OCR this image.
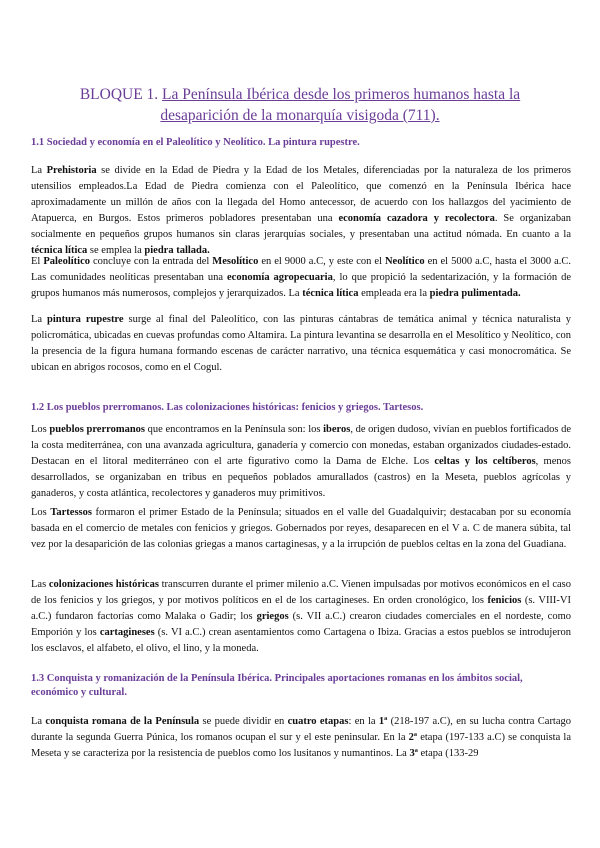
BLOQUE 1. La Península Ibérica desde los primeros humanos hasta la
desaparición de la monarquía visigoda (711).
1.1 Sociedad y economía en el Paleolítico y Neolítico. La pintura rupestre.

La Prehistoria se divide en la Edad de Piedra y la Edad de los Metales, diferenciadas por la naturaleza de los primeros utensilios empleados.La Edad de Piedra comienza con el Paleolítico, que comenzó en la Península Ibérica hace aproximadamente un millón de años con la llegada del Homo antecessor, de acuerdo con los hallazgos del yacimiento de Atapuerca, en Burgos. Estos primeros pobladores presentaban una economía cazadora y recolectora. Se organizaban socialmente en pequeños grupos humanos sin claras jerarquías sociales, y presentaban una actitud nómada. En cuanto a la técnica lítica se emplea la piedra tallada.

El Paleolítico concluye con la entrada del Mesolítico en el 9000 a.C, y este con el Neolítico en el 5000 a.C, hasta el 3000 a.C. Las comunidades neolíticas presentaban una economía agropecuaria, lo que propició la sedentarización, y la formación de grupos humanos más numerosos, complejos y jerarquizados. La técnica lítica empleada era la piedra pulimentada.

La pintura rupestre surge al final del Paleolítico, con las pinturas cántabras de temática animal y técnica naturalista y policromática, ubicadas en cuevas profundas como Altamira. La pintura levantina se desarrolla en el Mesolítico y Neolítico, con la presencia de la figura humana formando escenas de carácter narrativo, una técnica esquemática y casi monocromática. Se ubican en abrigos rocosos, como en el Cogul.

1.2 Los pueblos prerromanos. Las colonizaciones históricas: fenicios y griegos. Tartesos.

Los pueblos prerromanos que encontramos en la Península son: los iberos, de origen dudoso, vivían en pueblos fortificados de la costa mediterránea, con una avanzada agricultura, ganadería y comercio con monedas, estaban organizados ciudades-estado. Destacan en el litoral mediterráneo con el arte figurativo como la Dama de Elche. Los celtas y los celtíberos, menos desarrollados, se organizaban en tribus en pequeños poblados amurallados (castros) en la Meseta, pueblos agrícolas y ganaderos, y costa atlántica, recolectores y ganaderos muy primitivos.

Los Tartessos formaron el primer Estado de la Península; situados en el valle del Guadalquivir; destacaban por su economía basada en el comercio de metales con fenicios y griegos. Gobernados por reyes, desaparecen en el V a. C de manera súbita, tal vez por la desaparición de las colonias griegas a manos cartaginesas, y a la irrupción de pueblos celtas en la zona del Guadiana.

Las colonizaciones históricas transcurren durante el primer milenio a.C. Vienen impulsadas por motivos económicos en el caso de los fenicios y los griegos, y por motivos políticos en el de los cartagineses. En orden cronológico, los fenicios (s. VIII-VI a.C.) fundaron factorías como Malaka o Gadir; los griegos (s. VII a.C.) crearon ciudades comerciales en el nordeste, como Emporión y los cartagineses (s. VI a.C.) crean asentamientos como Cartagena o Ibiza. Gracias a estos pueblos se introdujeron los esclavos, el alfabeto, el olivo, el lino, y la moneda.

1.3 Conquista y romanización de la Península Ibérica. Principales aportaciones romanas en los ámbitos social, económico y cultural.

La conquista romana de la Península se puede dividir en cuatro etapas: en la 1ª (218-197 a.C), en su lucha contra Cartago durante la segunda Guerra Púnica, los romanos ocupan el sur y el este peninsular. En la 2ª etapa (197-133 a.C) se conquista la Meseta y se caracteriza por la resistencia de pueblos como los lusitanos y numantinos. La 3ª etapa (133-29
